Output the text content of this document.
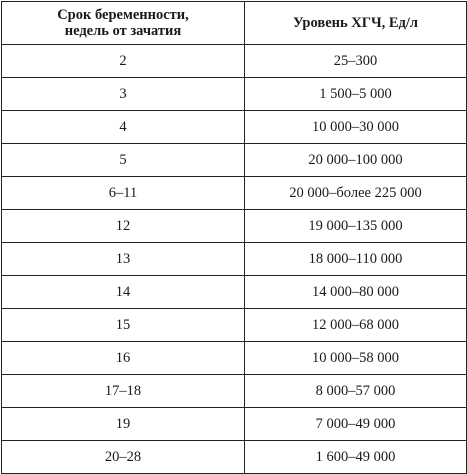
Срок беременности,
недель от зачатия	Уровень ХГЧ, Ед/л

2	25–300
3	1 500–5 000
4	10 000–30 000
5	20 000–100 000
6–11	20 000–более 225 000
12	19 000–135 000
13	18 000–110 000
14	14 000–80 000
15	12 000–68 000
16	10 000–58 000
17–18	8 000–57 000
19	7 000–49 000
20–28	1 600–49 000
